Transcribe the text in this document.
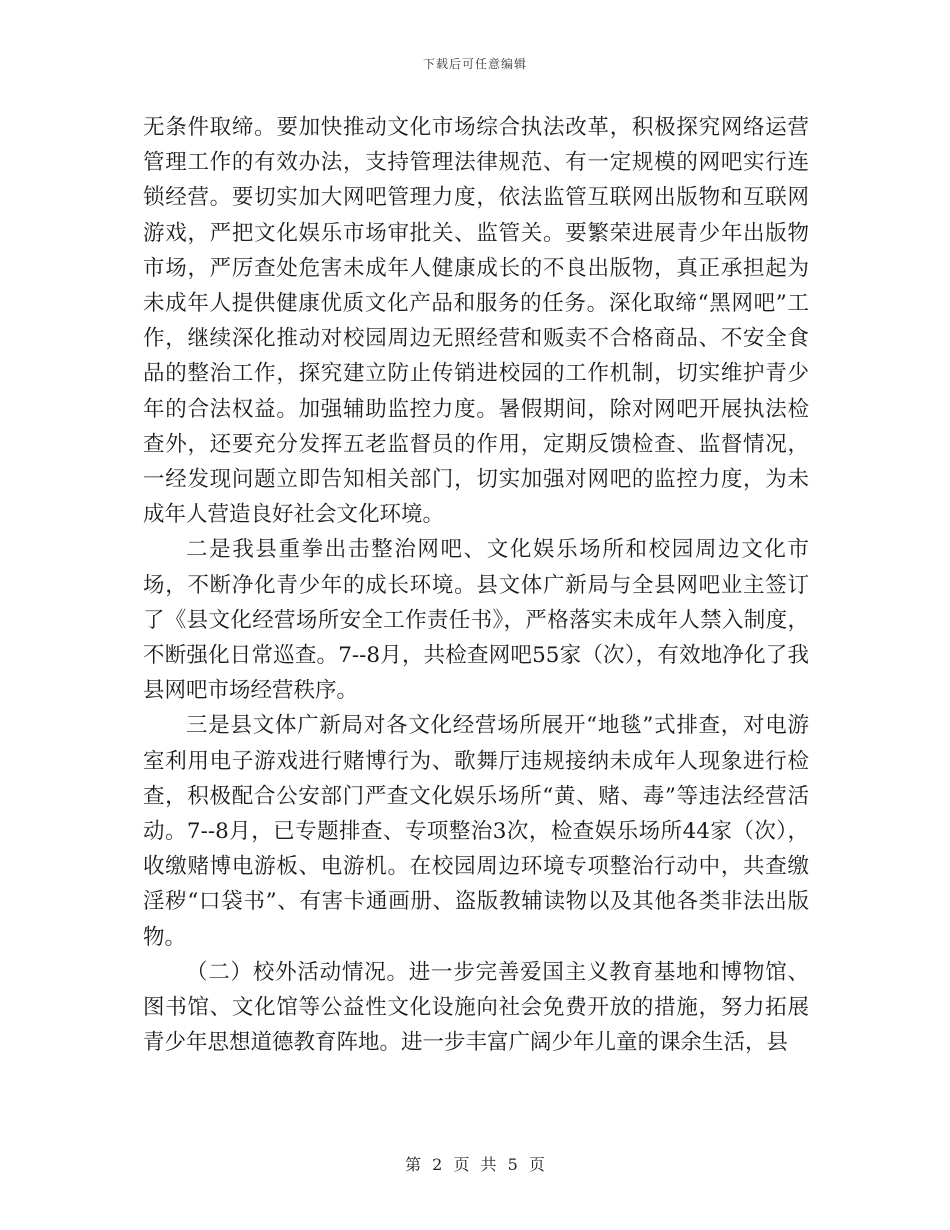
下载后可任意编辑

无条件取缔。要加快推动文化市场综合执法改革，积极探究网络运营管理工作的有效办法，支持管理法律规范、有一定规模的网吧实行连锁经营。要切实加大网吧管理力度，依法监管互联网出版物和互联网游戏，严把文化娱乐市场审批关、监管关。要繁荣进展青少年出版物市场，严厉查处危害未成年人健康成长的不良出版物，真正承担起为未成年人提供健康优质文化产品和服务的任务。深化取缔“黑网吧”工作，继续深化推动对校园周边无照经营和贩卖不合格商品、不安全食品的整治工作，探究建立防止传销进校园的工作机制，切实维护青少年的合法权益。加强辅助监控力度。暑假期间，除对网吧开展执法检查外，还要充分发挥五老监督员的作用，定期反馈检查、监督情况，一经发现问题立即告知相关部门，切实加强对网吧的监控力度，为未成年人营造良好社会文化环境。

二是我县重拳出击整治网吧、文化娱乐场所和校园周边文化市场，不断净化青少年的成长环境。县文体广新局与全县网吧业主签订了《县文化经营场所安全工作责任书》，严格落实未成年人禁入制度，不断强化日常巡查。7--8月，共检查网吧55家（次），有效地净化了我县网吧市场经营秩序。

三是县文体广新局对各文化经营场所展开“地毯”式排查，对电游室利用电子游戏进行赌博行为、歌舞厅违规接纳未成年人现象进行检查，积极配合公安部门严查文化娱乐场所“黄、赌、毒”等违法经营活动。7--8月，已专题排查、专项整治3次，检查娱乐场所44家（次），收缴赌博电游板、电游机。在校园周边环境专项整治行动中，共查缴淫秽“口袋书”、有害卡通画册、盗版教辅读物以及其他各类非法出版物。

（二）校外活动情况。进一步完善爱国主义教育基地和博物馆、图书馆、文化馆等公益性文化设施向社会免费开放的措施，努力拓展青少年思想道德教育阵地。进一步丰富广阔少年儿童的课余生活，县

第 2 页 共 5 页
